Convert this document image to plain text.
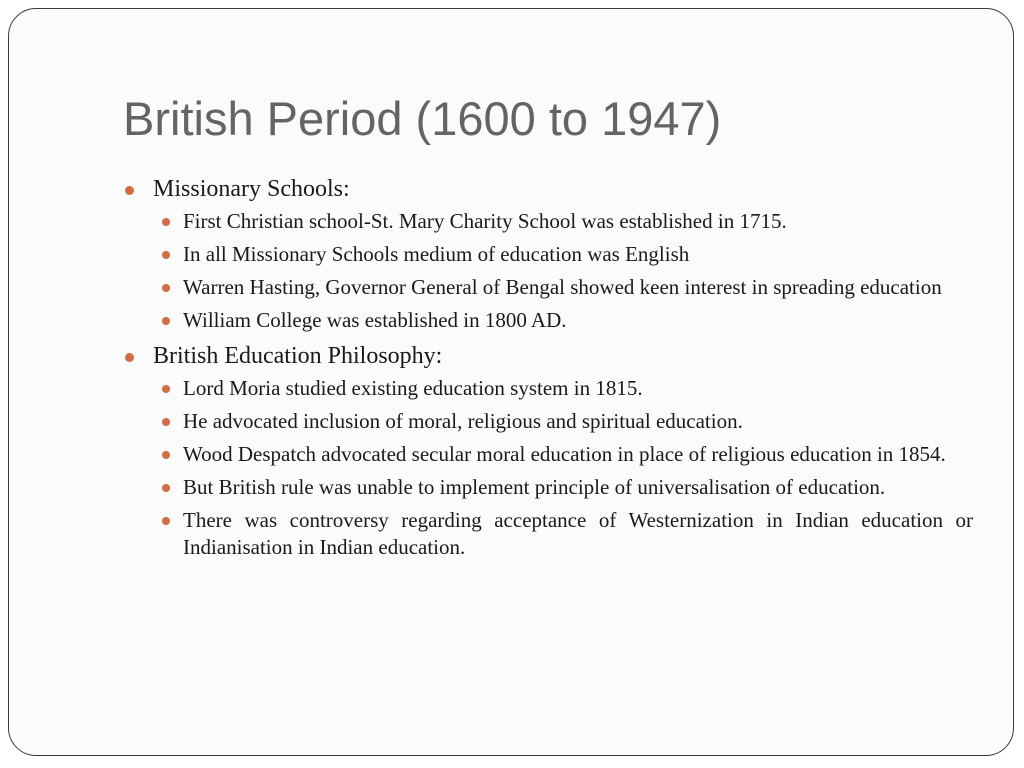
British Period (1600 to 1947)
Missionary Schools:
First Christian school-St. Mary Charity School was established in 1715.
In all Missionary Schools medium of education was English
Warren Hasting, Governor General of Bengal showed keen interest in spreading education
William College was established in 1800 AD.
British Education Philosophy:
Lord Moria studied existing education system in 1815.
He advocated inclusion of moral, religious and spiritual education.
Wood Despatch advocated secular moral education in place of religious education in 1854.
But British rule was unable to implement principle of universalisation of education.
There was controversy regarding acceptance of Westernization in Indian education or Indianisation in Indian education.
